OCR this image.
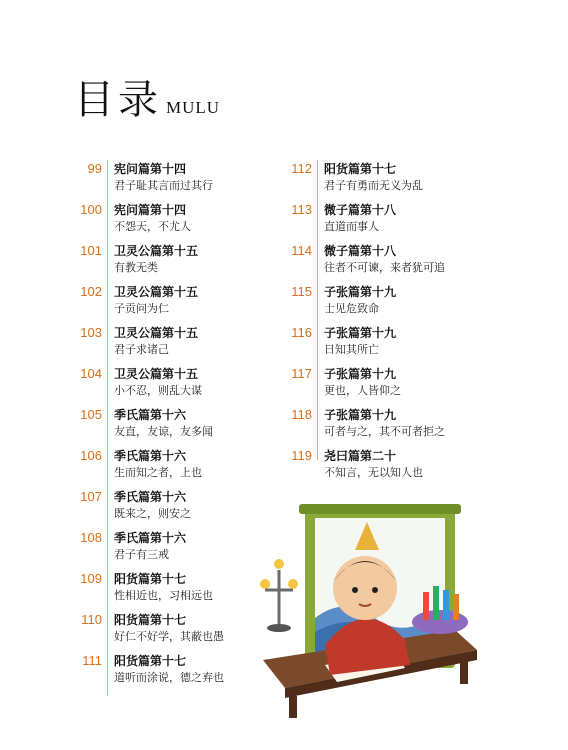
目录 MULU
99 宪问篇第十四
君子耻其言而过其行
100 宪问篇第十四
不怨天，不尤人
101 卫灵公篇第十五
有教无类
102 卫灵公篇第十五
子贡问为仁
103 卫灵公篇第十五
君子求诸己
104 卫灵公篇第十五
小不忍，则乱大谋
105 季氏篇第十六
友直，友谅，友多闻
106 季氏篇第十六
生而知之者，上也
107 季氏篇第十六
既来之，则安之
108 季氏篇第十六
君子有三戒
109 阳货篇第十七
性相近也，习相远也
110 阳货篇第十七
好仁不好学，其蔽也愚
111 阳货篇第十七
道听而涂说，德之弃也
112 阳货篇第十七
君子有勇而无义为乱
113 微子篇第十八
直道而事人
114 微子篇第十八
往者不可谏，来者犹可追
115 子张篇第十九
士见危致命
116 子张篇第十九
日知其所亡
117 子张篇第十九
更也，人皆仰之
118 子张篇第十九
可者与之，其不可者拒之
119 尧曰篇第二十
不知言，无以知人也
